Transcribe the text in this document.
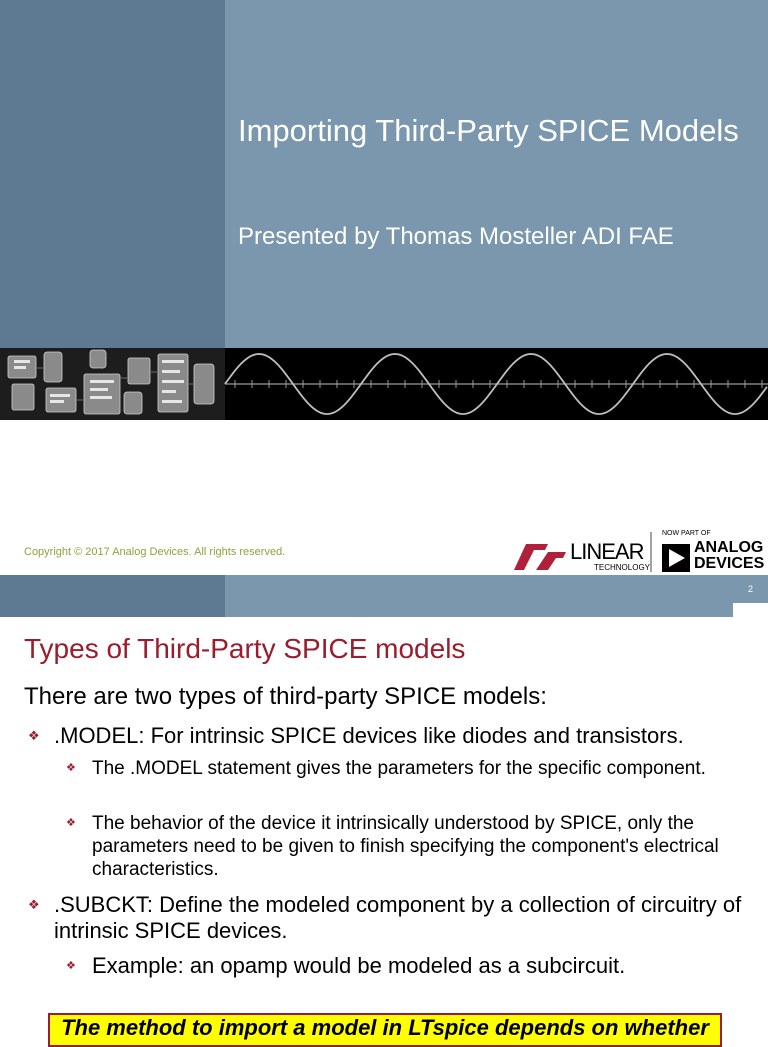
Importing Third-Party SPICE Models

Presented by Thomas Mosteller ADI FAE

Copyright © 2017 Analog Devices. All rights reserved.	LINEAR
TECHNOLOGY
NOW PART OF
ANALOG
DEVICES
2
Types of Third-Party SPICE models

There are two types of third-party SPICE models:

❖ .MODEL: For intrinsic SPICE devices like diodes and transistors.

❖ The .MODEL statement gives the parameters for the specific component.

❖ The behavior of the device it intrinsically understood by SPICE, only the parameters need to be given to finish specifying the component's electrical characteristics.

❖ .SUBCKT: Define the modeled component by a collection of circuitry of intrinsic SPICE devices.

❖ Example: an opamp would be modeled as a subcircuit.

The method to import a model in LTspice depends on whether
